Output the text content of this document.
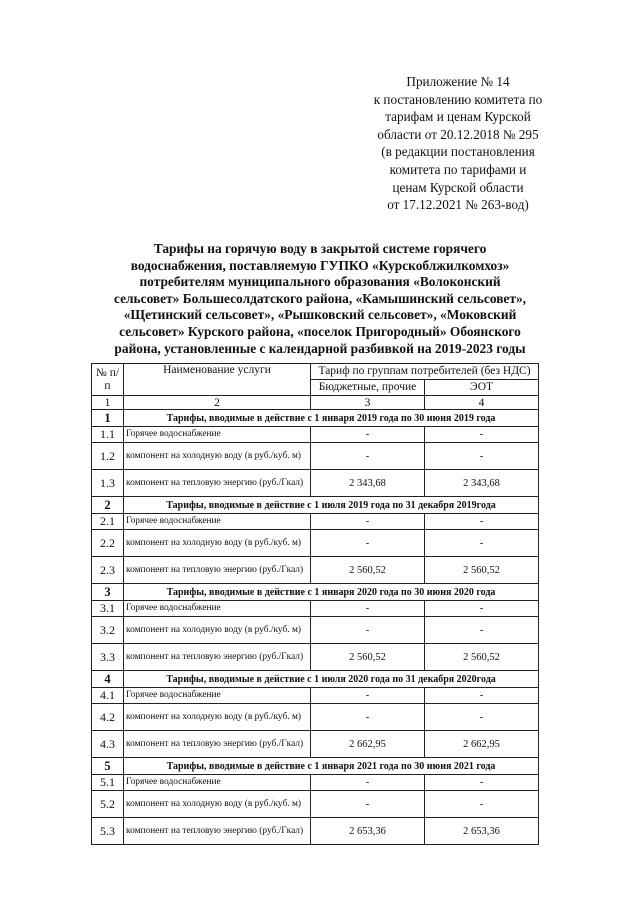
Приложение № 14
к постановлению комитета по
тарифам и ценам Курской
области от 20.12.2018 № 295
(в редакции постановления
комитета по тарифами и
ценам Курской области
от 17.12.2021 № 263-вод)
Тарифы на горячую воду в закрытой системе горячего
водоснабжения, поставляемую ГУПКО «Курскоблжилкомхоз»
потребителям муниципального образования «Волоконский
сельсовет» Большесолдатского района, «Камышинский сельсовет»,
«Щетинский сельсовет», «Рышковский сельсовет», «Моковский
сельсовет» Курского района, «поселок Пригородный» Обоянского
района, установленные с календарной разбивкой на 2019-2023 годы
№ п/п	Наименование услуги	Тариф по группам потребителей (без НДС)	
		Бюджетные, прочие	ЭОТ
1	2	3	4
1	Тарифы, вводимые в действие с 1 января 2019 года по 30 июня 2019 года		
1.1	Горячее водоснабжение	-	-
1.2	компонент на холодную воду (в руб./куб. м)	-	-
1.3	компонент на тепловую энергию (руб./Гкал)	2 343,68	2 343,68
2	Тарифы, вводимые в действие с 1 июля 2019 года по 31 декабря 2019года		
2.1	Горячее водоснабжение	-	-
2.2	компонент на холодную воду (в руб./куб. м)	-	-
2.3	компонент на тепловую энергию (руб./Гкал)	2 560,52	2 560,52
3	Тарифы, вводимые в действие с 1 января 2020 года по 30 июня 2020 года		
3.1	Горячее водоснабжение	-	-
3.2	компонент на холодную воду (в руб./куб. м)	-	-
3.3	компонент на тепловую энергию (руб./Гкал)	2 560,52	2 560,52
4	Тарифы, вводимые в действие с 1 июля 2020 года по 31 декабря 2020года		
4.1	Горячее водоснабжение	-	-
4.2	компонент на холодную воду (в руб./куб. м)	-	-
4.3	компонент на тепловую энергию (руб./Гкал)	2 662,95	2 662,95
5	Тарифы, вводимые в действие с 1 января 2021 года по 30 июня 2021 года		
5.1	Горячее водоснабжение	-	-
5.2	компонент на холодную воду (в руб./куб. м)	-	-
5.3	компонент на тепловую энергию (руб./Гкал)	2 653,36	2 653,36
